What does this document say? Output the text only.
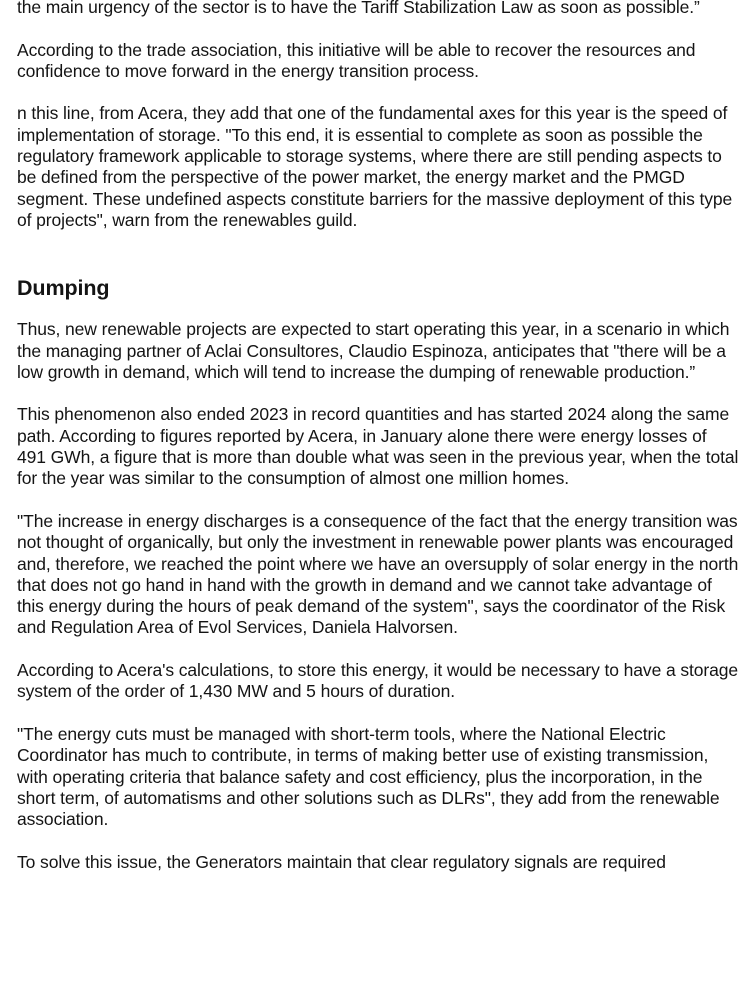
the main urgency of the sector is to have the Tariff Stabilization Law as soon as possible.”

According to the trade association, this initiative will be able to recover the resources and confidence to move forward in the energy transition process.

n this line, from Acera, they add that one of the fundamental axes for this year is the speed of implementation of storage. "To this end, it is essential to complete as soon as possible the regulatory framework applicable to storage systems, where there are still pending aspects to be defined from the perspective of the power market, the energy market and the PMGD segment. These undefined aspects constitute barriers for the massive deployment of this type of projects", warn from the renewables guild.

Dumping

Thus, new renewable projects are expected to start operating this year, in a scenario in which the managing partner of Aclai Consultores, Claudio Espinoza, anticipates that "there will be a low growth in demand, which will tend to increase the dumping of renewable production.”

This phenomenon also ended 2023 in record quantities and has started 2024 along the same path. According to figures reported by Acera, in January alone there were energy losses of 491 GWh, a figure that is more than double what was seen in the previous year, when the total for the year was similar to the consumption of almost one million homes.

"The increase in energy discharges is a consequence of the fact that the energy transition was not thought of organically, but only the investment in renewable power plants was encouraged and, therefore, we reached the point where we have an oversupply of solar energy in the north that does not go hand in hand with the growth in demand and we cannot take advantage of this energy during the hours of peak demand of the system", says the coordinator of the Risk and Regulation Area of Evol Services, Daniela Halvorsen.

According to Acera's calculations, to store this energy, it would be necessary to have a storage system of the order of 1,430 MW and 5 hours of duration.

"The energy cuts must be managed with short-term tools, where the National Electric Coordinator has much to contribute, in terms of making better use of existing transmission, with operating criteria that balance safety and cost efficiency, plus the incorporation, in the short term, of automatisms and other solutions such as DLRs", they add from the renewable association.

To solve this issue, the Generators maintain that clear regulatory signals are required
